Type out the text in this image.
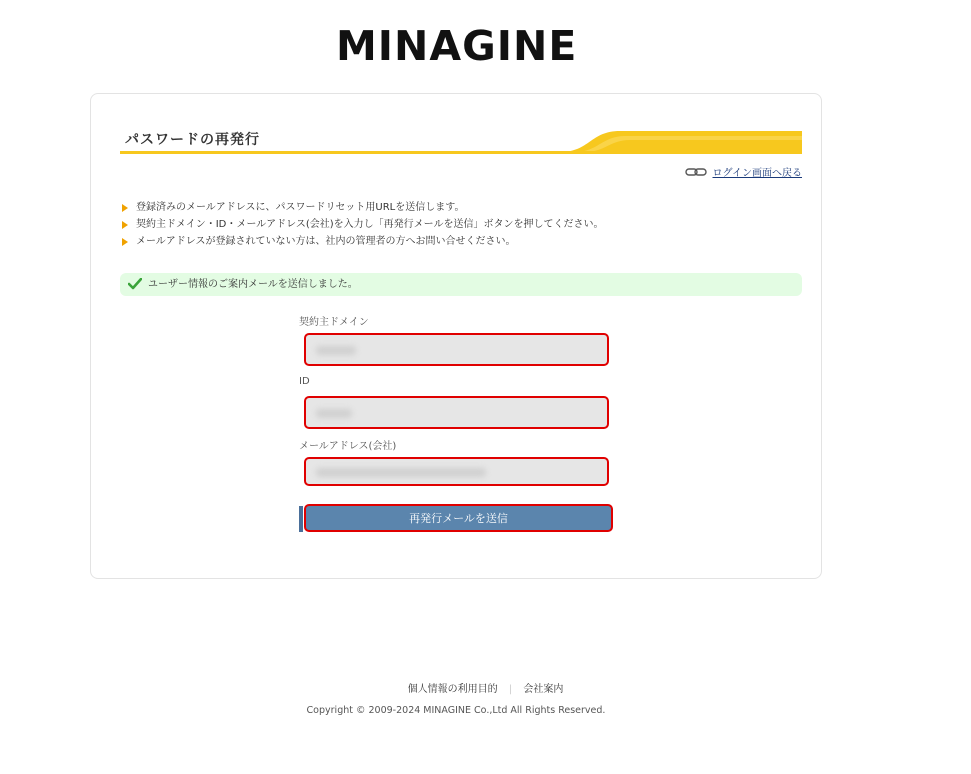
MINAGINE
パスワードの再発行
ログイン画面へ戻る
登録済みのメールアドレスに、パスワードリセット用URLを送信します。
契約主ドメイン・ID・メールアドレス(会社)を入力し「再発行メールを送信」ボタンを押してください。
メールアドレスが登録されていない方は、社内の管理者の方へお問い合せください。
ユーザー情報のご案内メールを送信しました。
契約主ドメイン
ID
メールアドレス(会社)
再発行メールを送信
個人情報の利用目的 | 会社案内
Copyright © 2009-2024 MINAGINE Co.,Ltd All Rights Reserved.
